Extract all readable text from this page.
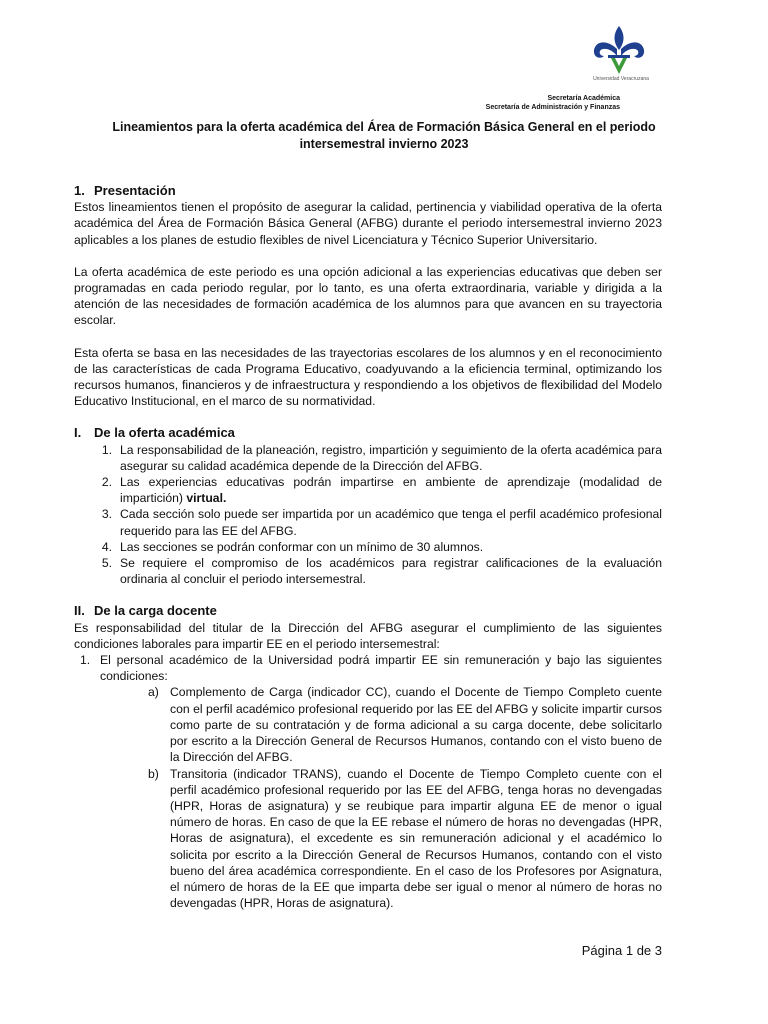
Universidad Veracruzana
Secretaría Académica
Secretaría de Administración y Finanzas
Lineamientos para la oferta académica del Área de Formación Básica General en el periodo intersemestral invierno 2023
1. Presentación

Estos lineamientos tienen el propósito de asegurar la calidad, pertinencia y viabilidad operativa de la oferta académica del Área de Formación Básica General (AFBG) durante el periodo intersemestral invierno 2023 aplicables a los planes de estudio flexibles de nivel Licenciatura y Técnico Superior Universitario.

La oferta académica de este periodo es una opción adicional a las experiencias educativas que deben ser programadas en cada periodo regular, por lo tanto, es una oferta extraordinaria, variable y dirigida a la atención de las necesidades de formación académica de los alumnos para que avancen en su trayectoria escolar.

Esta oferta se basa en las necesidades de las trayectorias escolares de los alumnos y en el reconocimiento de las características de cada Programa Educativo, coadyuvando a la eficiencia terminal, optimizando los recursos humanos, financieros y de infraestructura y respondiendo a los objetivos de flexibilidad del Modelo Educativo Institucional, en el marco de su normatividad.

I. De la oferta académica
1. La responsabilidad de la planeación, registro, impartición y seguimiento de la oferta académica para asegurar su calidad académica depende de la Dirección del AFBG.
2. Las experiencias educativas podrán impartirse en ambiente de aprendizaje (modalidad de impartición) virtual.
3. Cada sección solo puede ser impartida por un académico que tenga el perfil académico profesional requerido para las EE del AFBG.
4. Las secciones se podrán conformar con un mínimo de 30 alumnos.
5. Se requiere el compromiso de los académicos para registrar calificaciones de la evaluación ordinaria al concluir el periodo intersemestral.
II. De la carga docente

Es responsabilidad del titular de la Dirección del AFBG asegurar el cumplimiento de las siguientes condiciones laborales para impartir EE en el periodo intersemestral:

1. El personal académico de la Universidad podrá impartir EE sin remuneración y bajo las siguientes condiciones:
a) Complemento de Carga (indicador CC), cuando el Docente de Tiempo Completo cuente con el perfil académico profesional requerido por las EE del AFBG y solicite impartir cursos como parte de su contratación y de forma adicional a su carga docente, debe solicitarlo por escrito a la Dirección General de Recursos Humanos, contando con el visto bueno de la Dirección del AFBG.
b) Transitoria (indicador TRANS), cuando el Docente de Tiempo Completo cuente con el perfil académico profesional requerido por las EE del AFBG, tenga horas no devengadas (HPR, Horas de asignatura) y se reubique para impartir alguna EE de menor o igual número de horas. En caso de que la EE rebase el número de horas no devengadas (HPR, Horas de asignatura), el excedente es sin remuneración adicional y el académico lo solicita por escrito a la Dirección General de Recursos Humanos, contando con el visto bueno del área académica correspondiente. En el caso de los Profesores por Asignatura, el número de horas de la EE que imparta debe ser igual o menor al número de horas no devengadas (HPR, Horas de asignatura).
Página 1 de 3
